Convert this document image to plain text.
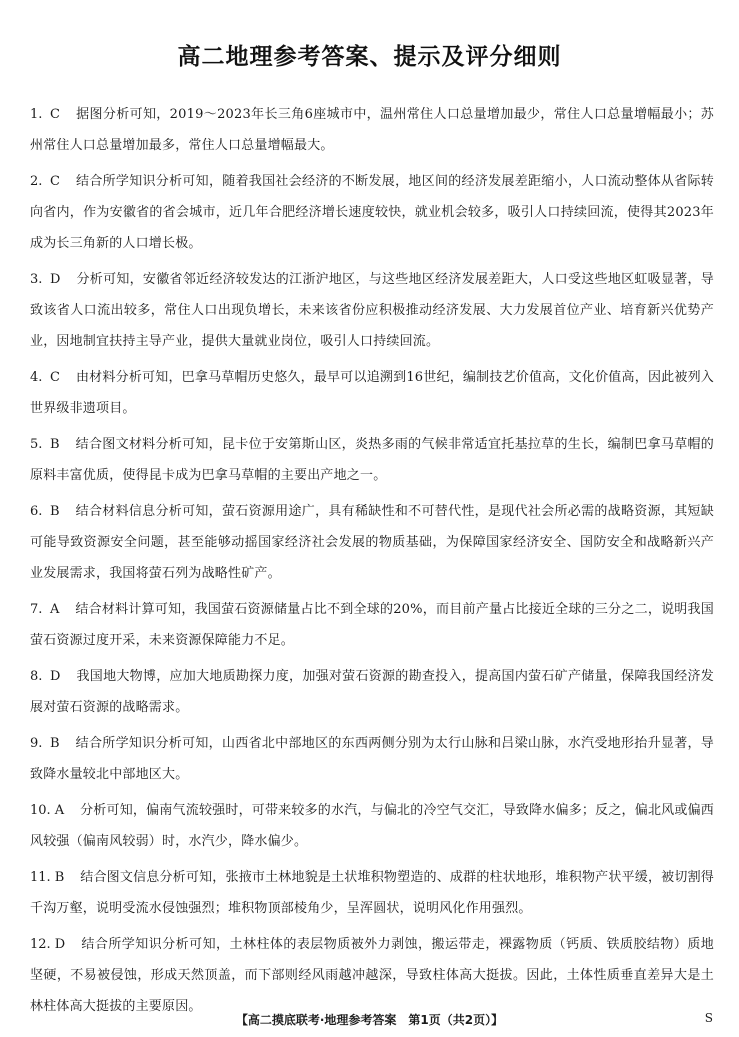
高二地理参考答案、提示及评分细则
1. C 据图分析可知，2019～2023年长三角6座城市中，温州常住人口总量增加最少，常住人口总量增幅最小；苏州常住人口总量增加最多，常住人口总量增幅最大。
2. C 结合所学知识分析可知，随着我国社会经济的不断发展，地区间的经济发展差距缩小，人口流动整体从省际转向省内，作为安徽省的省会城市，近几年合肥经济增长速度较快，就业机会较多，吸引人口持续回流，使得其2023年成为长三角新的人口增长极。
3. D 分析可知，安徽省邻近经济较发达的江浙沪地区，与这些地区经济发展差距大，人口受这些地区虹吸显著，导致该省人口流出较多，常住人口出现负增长，未来该省份应积极推动经济发展、大力发展首位产业、培育新兴优势产业，因地制宜扶持主导产业，提供大量就业岗位，吸引人口持续回流。
4. C 由材料分析可知，巴拿马草帽历史悠久，最早可以追溯到16世纪，编制技艺价值高，文化价值高，因此被列入世界级非遗项目。
5. B 结合图文材料分析可知，昆卡位于安第斯山区，炎热多雨的气候非常适宜托基拉草的生长，编制巴拿马草帽的原料丰富优质，使得昆卡成为巴拿马草帽的主要出产地之一。
6. B 结合材料信息分析可知，萤石资源用途广，具有稀缺性和不可替代性，是现代社会所必需的战略资源，其短缺可能导致资源安全问题，甚至能够动摇国家经济社会发展的物质基础，为保障国家经济安全、国防安全和战略新兴产业发展需求，我国将萤石列为战略性矿产。
7. A 结合材料计算可知，我国萤石资源储量占比不到全球的20%，而目前产量占比接近全球的三分之二，说明我国萤石资源过度开采，未来资源保障能力不足。
8. D 我国地大物博，应加大地质勘探力度，加强对萤石资源的勘查投入，提高国内萤石矿产储量，保障我国经济发展对萤石资源的战略需求。
9. B 结合所学知识分析可知，山西省北中部地区的东西两侧分别为太行山脉和吕梁山脉，水汽受地形抬升显著，导致降水量较北中部地区大。
10. A 分析可知，偏南气流较强时，可带来较多的水汽，与偏北的冷空气交汇，导致降水偏多；反之，偏北风或偏西风较强（偏南风较弱）时，水汽少，降水偏少。
11. B 结合图文信息分析可知，张掖市土林地貌是土状堆积物塑造的、成群的柱状地形，堆积物产状平缓，被切割得千沟万壑，说明受流水侵蚀强烈；堆积物顶部棱角少，呈浑圆状，说明风化作用强烈。
12. D 结合所学知识分析可知，土林柱体的表层物质被外力剥蚀，搬运带走，裸露物质（钙质、铁质胶结物）质地坚硬，不易被侵蚀，形成天然顶盖，而下部则经风雨越冲越深，导致柱体高大挺拔。因此，土体性质垂直差异大是土林柱体高大挺拔的主要原因。
【高二摸底联考·地理参考答案　第1页（共2页）】	S
